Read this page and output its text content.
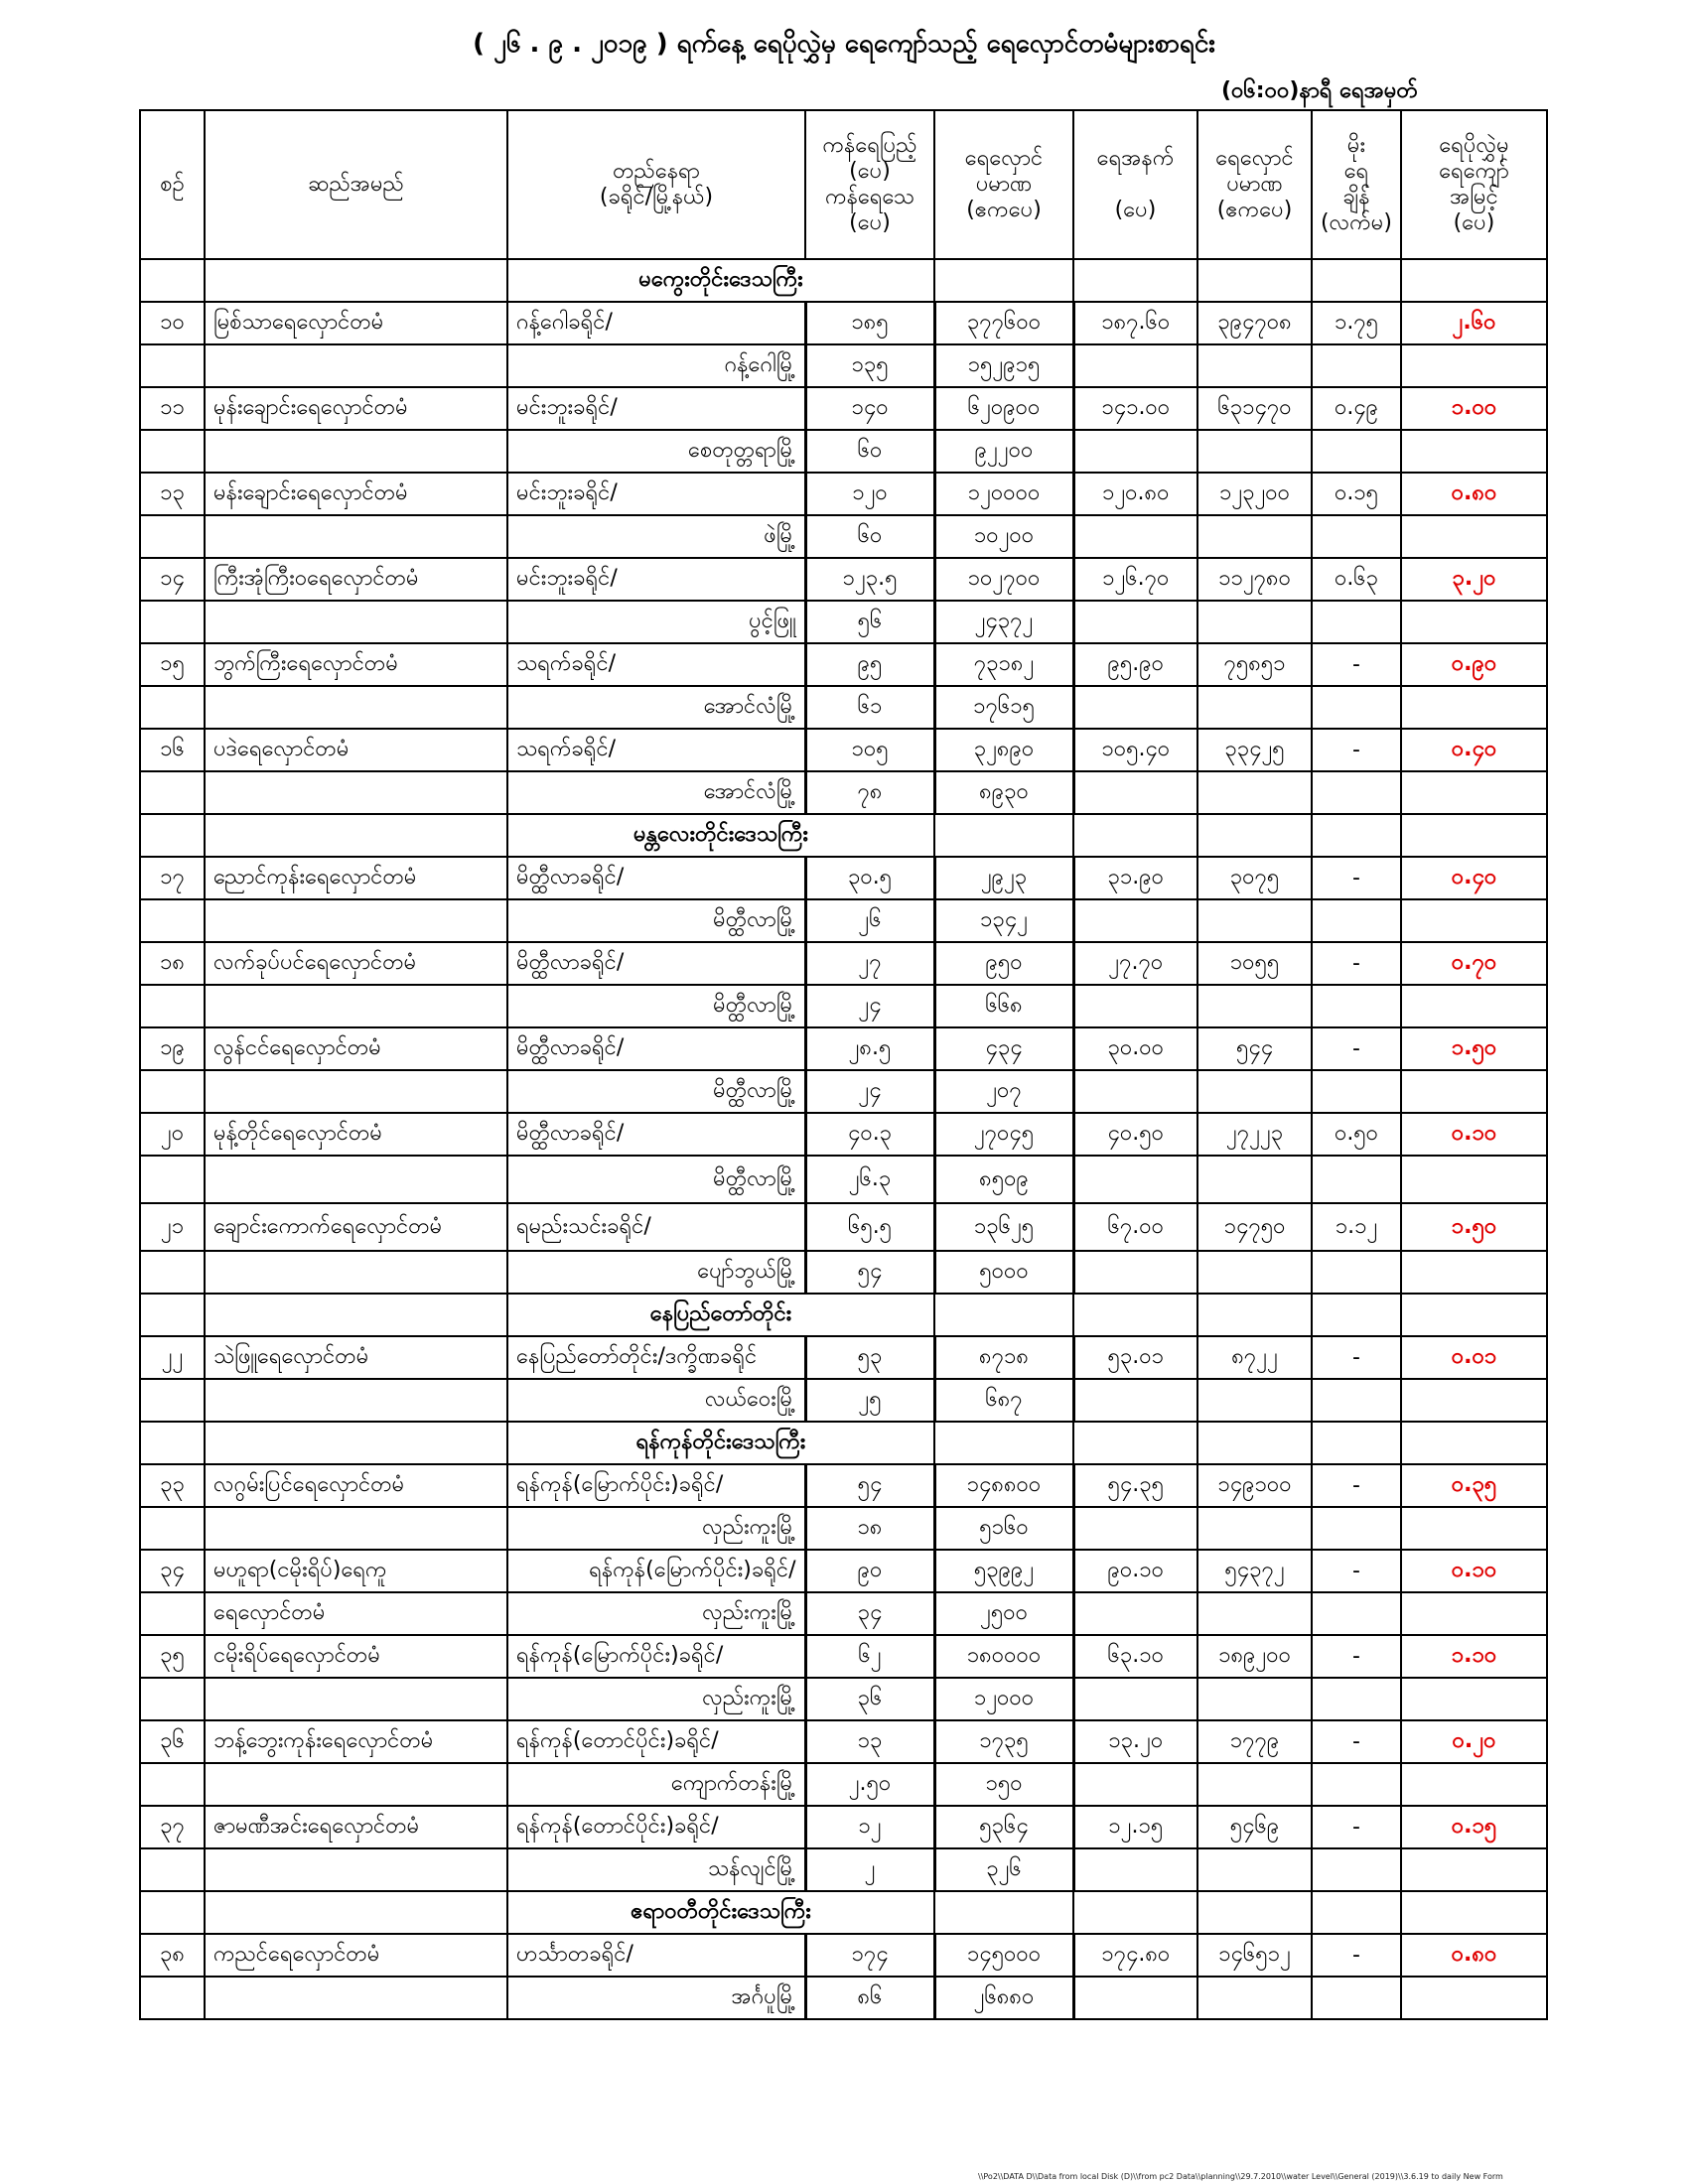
( ၂၆ . ၉ . ၂၀၁၉ ) ရက်နေ့ ရေပိုလွှဲမှ ရေကျော်သည့် ရေလှောင်တမံများစာရင်း
(၀၆:၀၀)နာရီ ရေအမှတ်
စဉ်	ဆည်အမည်	တည်နေရာ
(ခရိုင်/မြို့နယ်)	ကန်ရေပြည့်
(ပေ)
ကန်ရေသေ
(ပေ)	ရေလှောင်
ပမာဏ
(ဧကပေ)	ရေအနက်

(ပေ)	ရေလှောင်
ပမာဏ
(ဧကပေ)	မိုး
ရေ
ချိန်
(လက်မ)	ရေပိုလွှဲမှ
ရေကျော်
အမြင့်
(ပေ)
		မကွေးတိုင်းဒေသကြီး						
၁၀	မြစ်သာရေလှောင်တမံ	ဂန့်ဂေါခရိုင်/	၁၈၅	၃၇၇၆၀၀	၁၈၇.၆၀	၃၉၄၇၀၈	၁.၇၅	၂.၆၀
		ဂန့်ဂေါမြို့	၁၃၅	၁၅၂၉၁၅				
၁၁	မုန်းချောင်းရေလှောင်တမံ	မင်းဘူးခရိုင်/	၁၄၀	၆၂၀၉၀၀	၁၄၁.၀၀	၆၃၁၄၇၀	၀.၄၉	၁.၀၀
		စေတုတ္တရာမြို့	၆၀	၉၂၂၀၀				
၁၃	မန်းချောင်းရေလှောင်တမံ	မင်းဘူးခရိုင်/	၁၂၀	၁၂၀၀၀၀	၁၂၀.၈၀	၁၂၃၂၀၀	၀.၁၅	၀.၈၀
		ဖဲမြို့	၆၀	၁၀၂၀၀				
၁၄	ကြီးအုံကြီးဝရေလှောင်တမံ	မင်းဘူးခရိုင်/	၁၂၃.၅	၁၀၂၇၀၀	၁၂၆.၇၀	၁၁၂၇၈၀	၀.၆၃	၃.၂၀
		ပွင့်ဖြူ	၅၆	၂၄၃၇၂				
၁၅	ဘွက်ကြီးရေလှောင်တမံ	သရက်ခရိုင်/	၉၅	၇၃၁၈၂	၉၅.၉၀	၇၅၈၅၁	-	၀.၉၀
		အောင်လံမြို့	၆၁	၁၇၆၁၅				
၁၆	ပဒဲရေလှောင်တမံ	သရက်ခရိုင်/	၁၀၅	၃၂၈၉၀	၁၀၅.၄၀	၃၃၄၂၅	-	၀.၄၀
		အောင်လံမြို့	၇၈	၈၉၃၀				
		မန္တလေးတိုင်းဒေသကြီး						
၁၇	ညောင်ကုန်းရေလှောင်တမံ	မိတ္ထီလာခရိုင်/	၃၀.၅	၂၉၂၃	၃၁.၉၀	၃၀၇၅	-	၀.၄၀
		မိတ္ထီလာမြို့	၂၆	၁၃၄၂				
၁၈	လက်ခုပ်ပင်ရေလှောင်တမံ	မိတ္ထီလာခရိုင်/	၂၇	၉၅၀	၂၇.၇၀	၁၀၅၅	-	၀.၇၀
		မိတ္ထီလာမြို့	၂၄	၆၆၈				
၁၉	လွန်ငင်ရေလှောင်တမံ	မိတ္ထီလာခရိုင်/	၂၈.၅	၄၃၄	၃၀.၀၀	၅၄၄	-	၁.၅၀
		မိတ္ထီလာမြို့	၂၄	၂၀၇				
၂၀	မုန့်တိုင်ရေလှောင်တမံ	မိတ္ထီလာခရိုင်/	၄၀.၃	၂၇၀၄၅	၄၀.၅၀	၂၇၂၂၃	၀.၅၀	၀.၁၀
		မိတ္ထီလာမြို့	၂၆.၃	၈၅၀၉				
၂၁	ချောင်းကောက်ရေလှောင်တမံ	ရမည်းသင်းခရိုင်/	၆၅.၅	၁၃၆၂၅	၆၇.၀၀	၁၄၇၅၀	၁.၁၂	၁.၅၀
		ပျော်ဘွယ်မြို့	၅၄	၅၀၀၀				
		နေပြည်တော်တိုင်း						
၂၂	သဲဖြူရေလှောင်တမံ	နေပြည်တော်တိုင်း/ဒက္ခိဏခရိုင်	၅၃	၈၇၁၈	၅၃.၀၁	၈၇၂၂	-	၀.၀၁
		လယ်ဝေးမြို့	၂၅	၆၈၇				
		ရန်ကုန်တိုင်းဒေသကြီး						
၃၃	လဂွမ်းပြင်ရေလှောင်တမံ	ရန်ကုန်(မြောက်ပိုင်း)ခရိုင်/	၅၄	၁၄၈၈၀၀	၅၄.၃၅	၁၄၉၁၀၀	-	၀.၃၅
		လှည်းကူးမြို့	၁၈	၅၁၆၀				
၃၄	မဟူရာ(ငမိုးရိပ်)ရေကူ	ရန်ကုန်(မြောက်ပိုင်း)ခရိုင်/	၉၀	၅၃၉၉၂	၉၀.၁၀	၅၄၃၇၂	-	၀.၁၀
	ရေလှောင်တမံ	လှည်းကူးမြို့	၃၄	၂၅၀၀				
၃၅	ငမိုးရိပ်ရေလှောင်တမံ	ရန်ကုန်(မြောက်ပိုင်း)ခရိုင်/	၆၂	၁၈၀၀၀၀	၆၃.၁၀	၁၈၉၂၀၀	-	၁.၁၀
		လှည်းကူးမြို့	၃၆	၁၂၀၀၀				
၃၆	ဘန့်ဘွေးကုန်းရေလှောင်တမံ	ရန်ကုန်(တောင်ပိုင်း)ခရိုင်/	၁၃	၁၇၃၅	၁၃.၂၀	၁၇၇၉	-	၀.၂၀
		ကျောက်တန်းမြို့	၂.၅၀	၁၅၀				
၃၇	ဇာမဏီအင်းရေလှောင်တမံ	ရန်ကုန်(တောင်ပိုင်း)ခရိုင်/	၁၂	၅၃၆၄	၁၂.၁၅	၅၄၆၉	-	၀.၁၅
		သန်လျင်မြို့	၂	၃၂၆				
		ဧရာဝတီတိုင်းဒေသကြီး						
၃၈	ကညင်ရေလှောင်တမံ	ဟင်္သာတခရိုင်/	၁၇၄	၁၄၅၀၀၀	၁၇၄.၈၀	၁၄၆၅၁၂	-	၀.၈၀
		အင်္ဂပူမြို့	၈၆	၂၆၈၈၀				
\\Po2\\DATA D\\Data from local Disk (D)\\from pc2 Data\\planning\\29.7.2010\\water Level\\General (2019)\\3.6.19 to daily New Form
